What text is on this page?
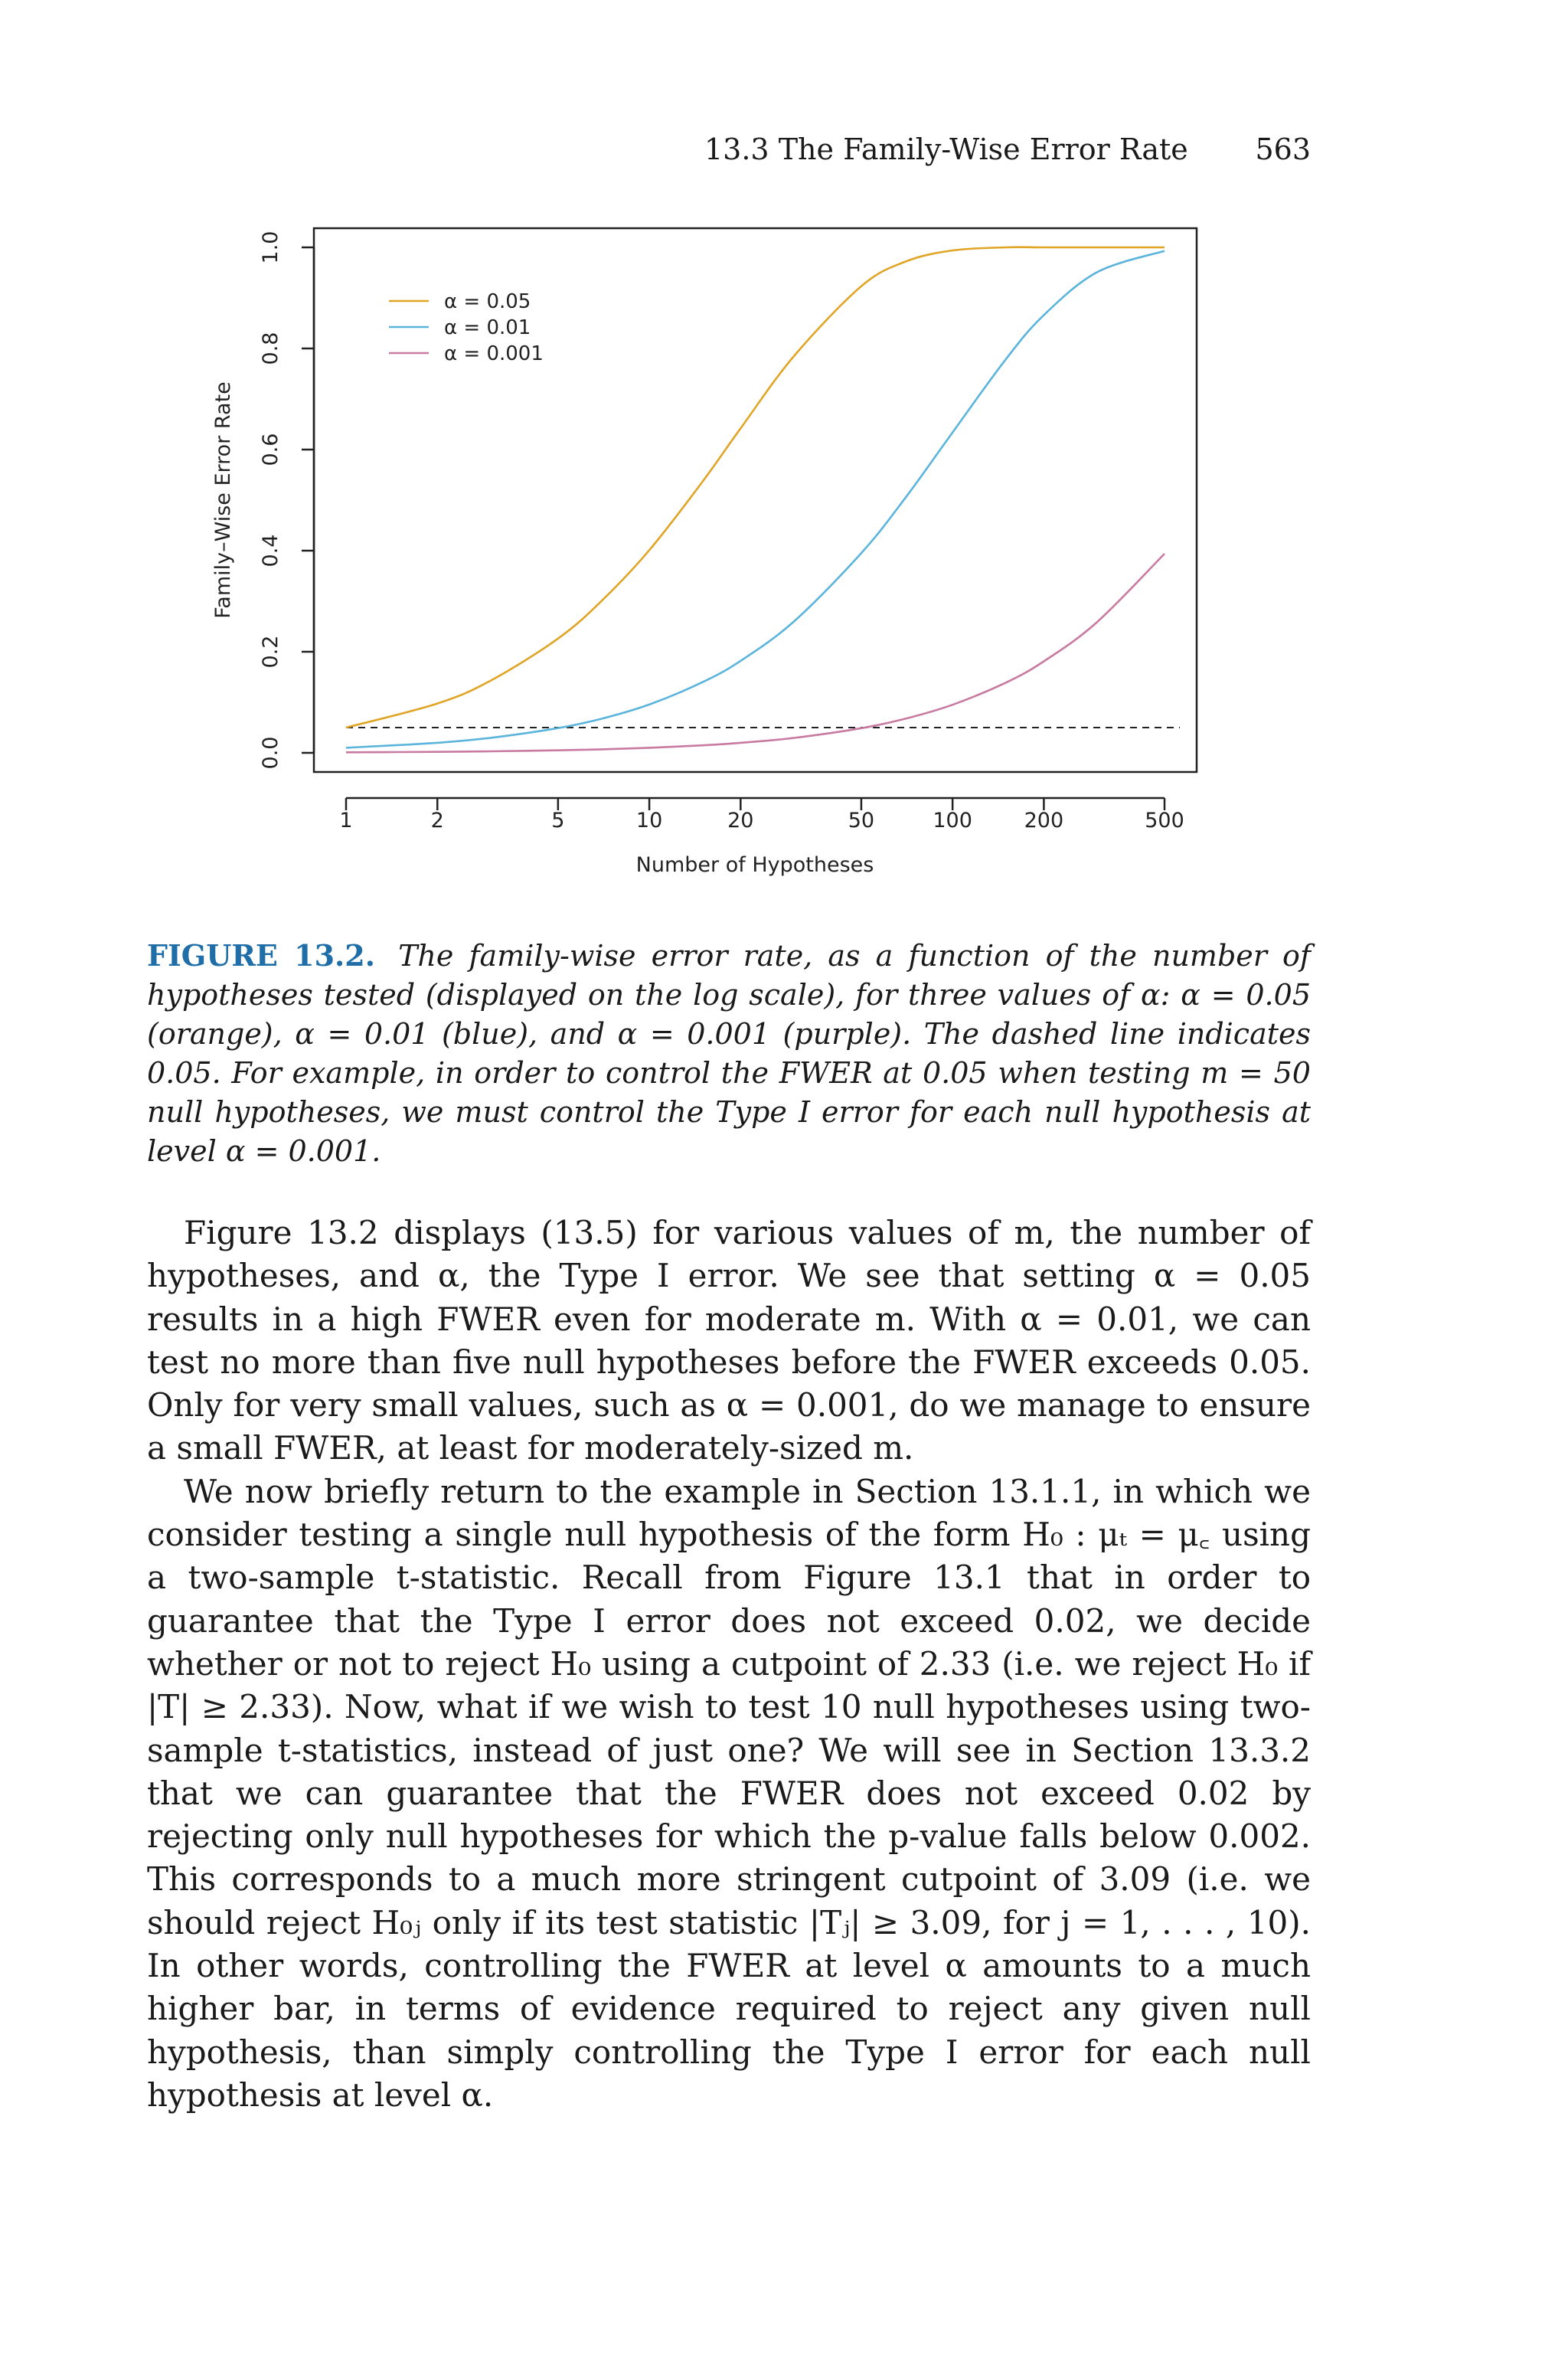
13.3 The Family-Wise Error Rate 563
0.0
0.2
0.4
0.6
0.8
1.0
1	2	5	10	20	50	100	200	500
α = 0.05
α = 0.01
α = 0.001
Number of Hypotheses
Family–Wise Error Rate
FIGURE 13.2. The family-wise error rate, as a function of the number of hypotheses tested (displayed on the log scale), for three values of α: α = 0.05 (orange), α = 0.01 (blue), and α = 0.001 (purple). The dashed line indicates 0.05. For example, in order to control the FWER at 0.05 when testing m = 50 null hypotheses, we must control the Type I error for each null hypothesis at level α = 0.001.

Figure 13.2 displays (13.5) for various values of m, the number of hypotheses, and α, the Type I error. We see that setting α = 0.05 results in a high FWER even for moderate m. With α = 0.01, we can test no more than five null hypotheses before the FWER exceeds 0.05. Only for very small values, such as α = 0.001, do we manage to ensure a small FWER, at least for moderately-sized m.

We now briefly return to the example in Section 13.1.1, in which we consider testing a single null hypothesis of the form H₀ : μₜ = μ꜀ using a two-sample t-statistic. Recall from Figure 13.1 that in order to guarantee that the Type I error does not exceed 0.02, we decide whether or not to reject H₀ using a cutpoint of 2.33 (i.e. we reject H₀ if |T| ≥ 2.33). Now, what if we wish to test 10 null hypotheses using two-sample t-statistics, instead of just one? We will see in Section 13.3.2 that we can guarantee that the FWER does not exceed 0.02 by rejecting only null hypotheses for which the p-value falls below 0.002. This corresponds to a much more stringent cutpoint of 3.09 (i.e. we should reject H₀ⱼ only if its test statistic |Tⱼ| ≥ 3.09, for j = 1, . . . , 10). In other words, controlling the FWER at level α amounts to a much higher bar, in terms of evidence required to reject any given null hypothesis, than simply controlling the Type I error for each null hypothesis at level α.
